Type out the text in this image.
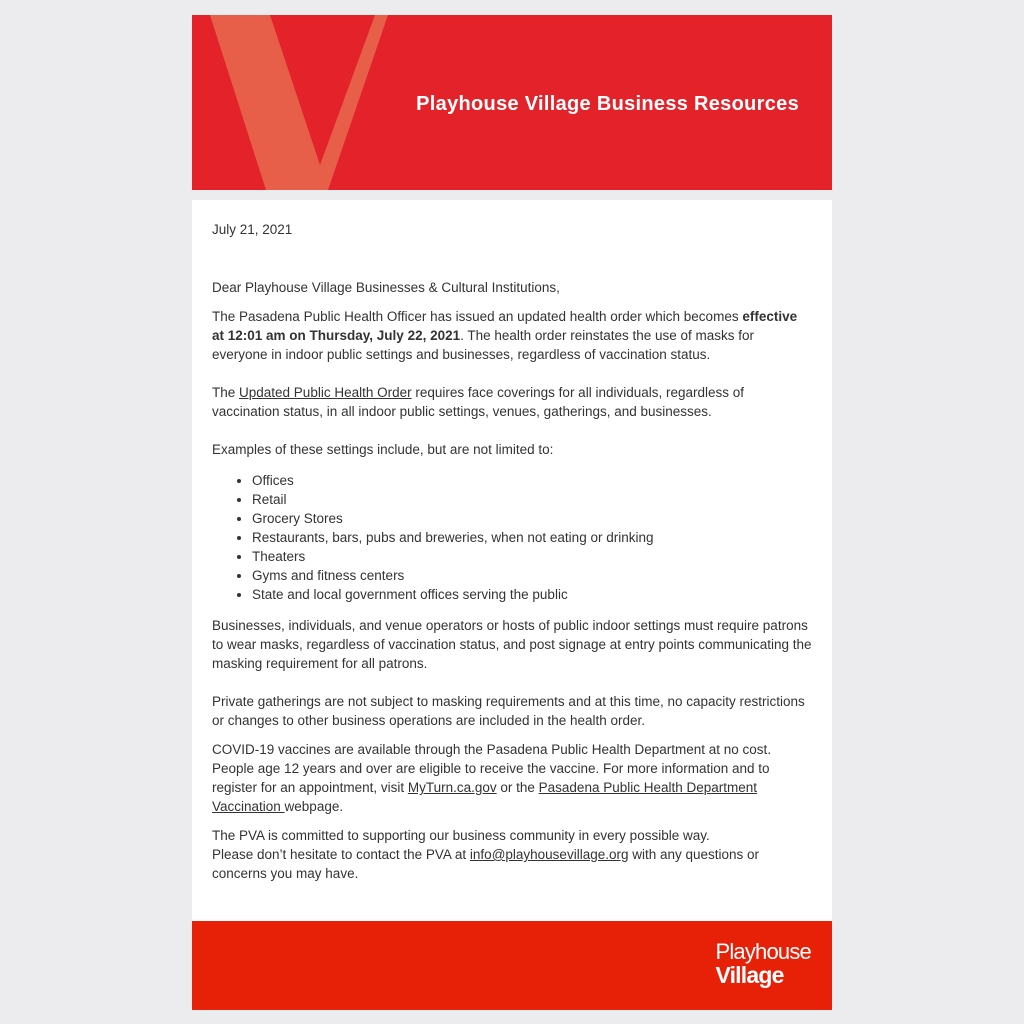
Playhouse Village Business Resources

July 21, 2021

Dear Playhouse Village Businesses & Cultural Institutions,

The Pasadena Public Health Officer has issued an updated health order which becomes effective at 12:01 am on Thursday, July 22, 2021. The health order reinstates the use of masks for everyone in indoor public settings and businesses, regardless of vaccination status.

The Updated Public Health Order requires face coverings for all individuals, regardless of vaccination status, in all indoor public settings, venues, gatherings, and businesses.

Examples of these settings include, but are not limited to:

• Offices
• Retail
• Grocery Stores
• Restaurants, bars, pubs and breweries, when not eating or drinking
• Theaters
• Gyms and fitness centers
• State and local government offices serving the public

Businesses, individuals, and venue operators or hosts of public indoor settings must require patrons to wear masks, regardless of vaccination status, and post signage at entry points communicating the masking requirement for all patrons.

Private gatherings are not subject to masking requirements and at this time, no capacity restrictions or changes to other business operations are included in the health order.

COVID-19 vaccines are available through the Pasadena Public Health Department at no cost. People age 12 years and over are eligible to receive the vaccine. For more information and to register for an appointment, visit MyTurn.ca.gov or the Pasadena Public Health Department Vaccination webpage.

The PVA is committed to supporting our business community in every possible way.
Please don’t hesitate to contact the PVA at info@playhousevillage.org with any questions or concerns you may have.

Playhouse
Village
